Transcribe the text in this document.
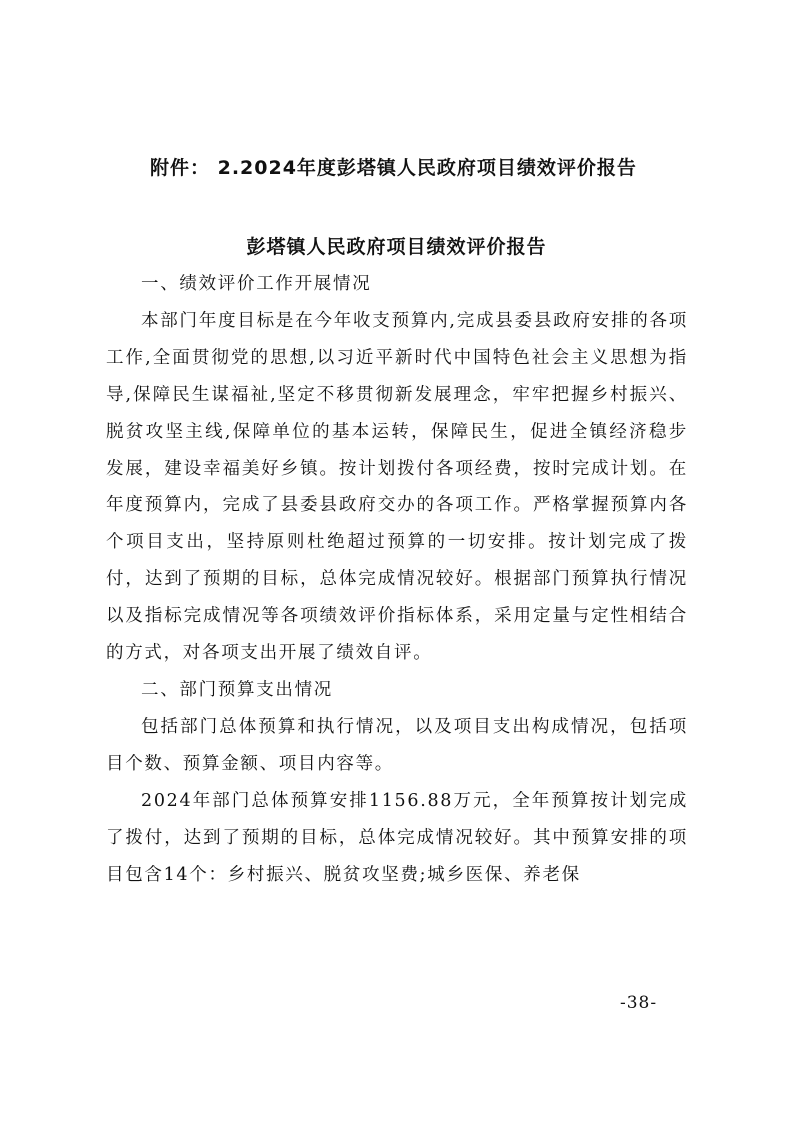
附件： 2.2024年度彭塔镇人民政府项目绩效评价报告
彭塔镇人民政府项目绩效评价报告

一、绩效评价工作开展情况

本部门年度目标是在今年收支预算内,完成县委县政府安排的各项工作,全面贯彻党的思想,以习近平新时代中国特色社会主义思想为指导,保障民生谋福祉,坚定不移贯彻新发展理念，牢牢把握乡村振兴、脱贫攻坚主线,保障单位的基本运转，保障民生，促进全镇经济稳步发展，建设幸福美好乡镇。按计划拨付各项经费，按时完成计划。在年度预算内，完成了县委县政府交办的各项工作。严格掌握预算内各个项目支出，坚持原则杜绝超过预算的一切安排。按计划完成了拨付，达到了预期的目标，总体完成情况较好。根据部门预算执行情况以及指标完成情况等各项绩效评价指标体系，采用定量与定性相结合的方式，对各项支出开展了绩效自评。

二、部门预算支出情况

包括部门总体预算和执行情况，以及项目支出构成情况，包括项目个数、预算金额、项目内容等。

2024年部门总体预算安排1156.88万元，全年预算按计划完成了拨付，达到了预期的目标，总体完成情况较好。其中预算安排的项目包含14个：乡村振兴、脱贫攻坚费;城乡医保、养老保

-38-
